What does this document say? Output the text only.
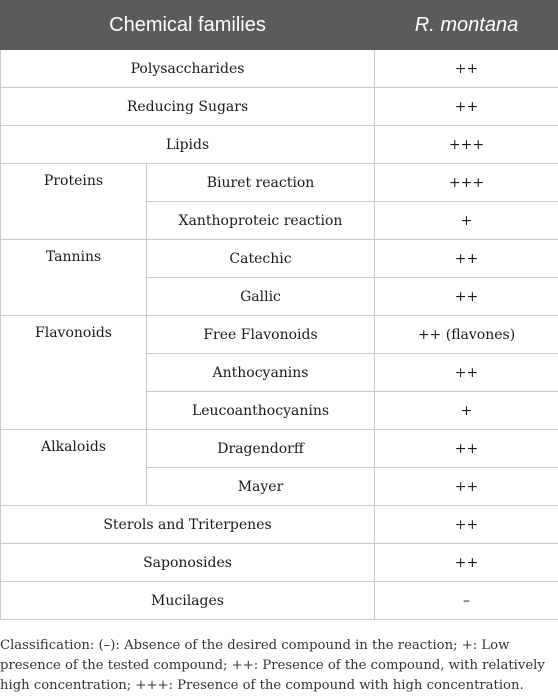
Chemical families		R. montana
Polysaccharides		++
Reducing Sugars		++
Lipids		+++
Proteins	Biuret reaction	+++
	Xanthoproteic reaction	+
Tannins	Catechic	++
	Gallic	++
Flavonoids	Free Flavonoids	++ (flavones)
	Anthocyanins	++
	Leucoanthocyanins	+
Alkaloids	Dragendorff	++
	Mayer	++
Sterols and Triterpenes		++
Saponosides		++
Mucilages		–

Classification: (–): Absence of the desired compound in the reaction; +: Low presence of the tested compound; ++: Presence of the compound, with relatively high concentration; +++: Presence of the compound with high concentration.
